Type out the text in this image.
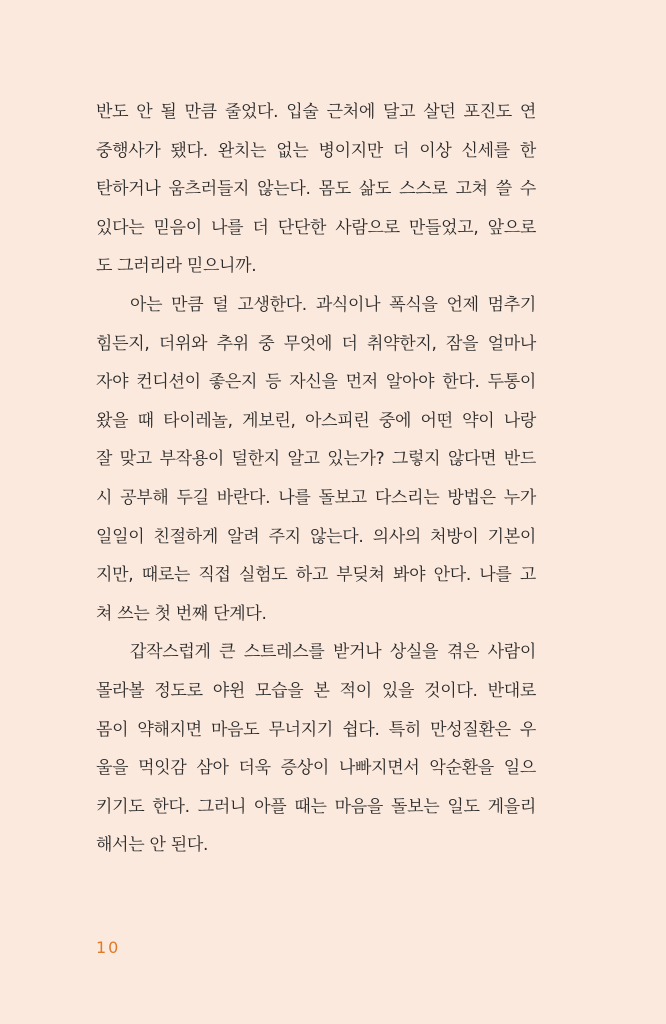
반도 안 될 만큼 줄었다. 입술 근처에 달고 살던 포진도 연
중행사가 됐다. 완치는 없는 병이지만 더 이상 신세를 한
탄하거나 움츠러들지 않는다. 몸도 삶도 스스로 고쳐 쓸 수
있다는 믿음이 나를 더 단단한 사람으로 만들었고, 앞으로
도 그러리라 믿으니까.
아는 만큼 덜 고생한다. 과식이나 폭식을 언제 멈추기
힘든지, 더위와 추위 중 무엇에 더 취약한지, 잠을 얼마나
자야 컨디션이 좋은지 등 자신을 먼저 알아야 한다. 두통이
왔을 때 타이레놀, 게보린, 아스피린 중에 어떤 약이 나랑
잘 맞고 부작용이 덜한지 알고 있는가? 그렇지 않다면 반드
시 공부해 두길 바란다. 나를 돌보고 다스리는 방법은 누가
일일이 친절하게 알려 주지 않는다. 의사의 처방이 기본이
지만, 때로는 직접 실험도 하고 부딪쳐 봐야 안다. 나를 고
쳐 쓰는 첫 번째 단계다.
갑작스럽게 큰 스트레스를 받거나 상실을 겪은 사람이
몰라볼 정도로 야윈 모습을 본 적이 있을 것이다. 반대로
몸이 약해지면 마음도 무너지기 쉽다. 특히 만성질환은 우
울을 먹잇감 삼아 더욱 증상이 나빠지면서 악순환을 일으
키기도 한다. 그러니 아플 때는 마음을 돌보는 일도 게을리
해서는 안 된다.
10
